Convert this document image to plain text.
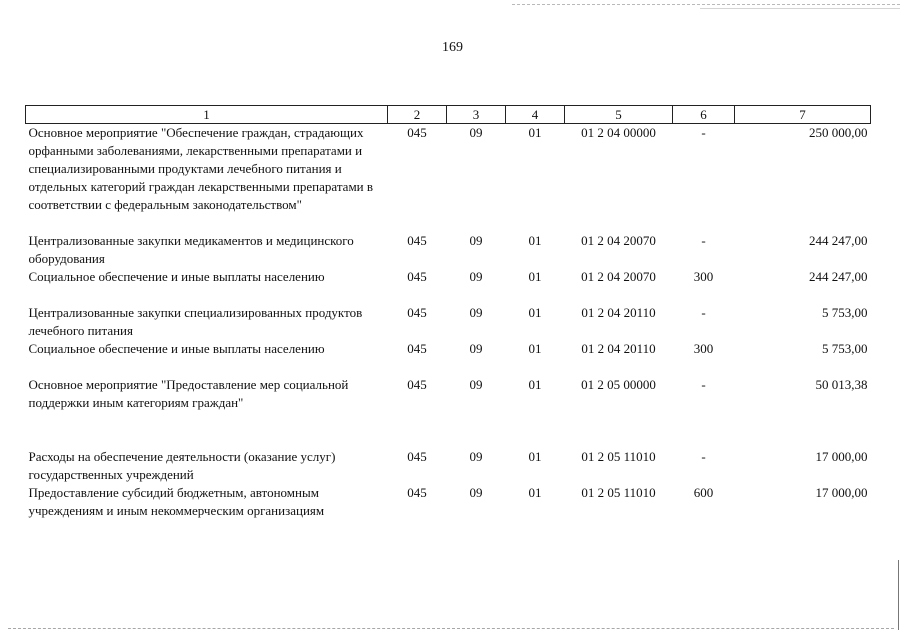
169
1	2	3	4	5	6	7
Основное мероприятие "Обеспечение граждан, страдающих орфанными заболеваниями, лекарственными препаратами и специализированными продуктами лечебного питания и отдельных категорий граждан лекарственными препаратами в соответствии с федеральным законодательством"	045	09	01	01 2 04 00000	-	250 000,00

Централизованные закупки медикаментов и медицинского оборудования	045	09	01	01 2 04 20070	-	244 247,00
Социальное обеспечение и иные выплаты населению	045	09	01	01 2 04 20070	300	244 247,00

Централизованные закупки специализированных продуктов лечебного питания	045	09	01	01 2 04 20110	-	5 753,00
Социальное обеспечение и иные выплаты населению	045	09	01	01 2 04 20110	300	5 753,00

Основное мероприятие "Предоставление мер социальной поддержки иным категориям граждан"	045	09	01	01 2 05 00000	-	50 013,38

Расходы на обеспечение деятельности (оказание услуг) государственных учреждений	045	09	01	01 2 05 11010	-	17 000,00
Предоставление субсидий бюджетным, автономным учреждениям и иным некоммерческим организациям	045	09	01	01 2 05 11010	600	17 000,00
